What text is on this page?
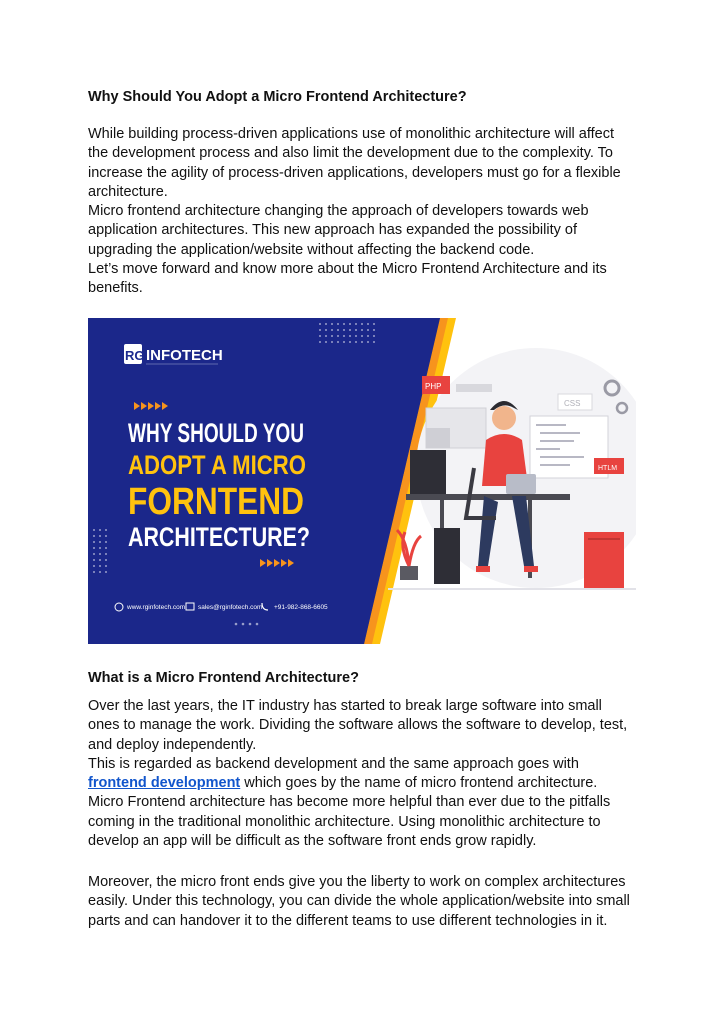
Why Should You Adopt a Micro Frontend Architecture?

While building process-driven applications use of monolithic architecture will affect the development process and also limit the development due to the complexity. To increase the agility of process-driven applications, developers must go for a flexible architecture.

Micro frontend architecture changing the approach of developers towards web application architectures. This new approach has expanded the possibility of upgrading the application/website without affecting the backend code.

Let’s move forward and know more about the Micro Frontend Architecture and its benefits.

RG INFOTECH
WHY SHOULD YOU
ADOPT A MICRO
FORNTEND
ARCHITECTURE?
www.rginfotech.com sales@rginfotech.com +91-982-868-6605
PHP
CSS
HTLM
What is a Micro Frontend Architecture?

Over the last years, the IT industry has started to break large software into small ones to manage the work. Dividing the software allows the software to develop, test, and deploy independently.

This is regarded as backend development and the same approach goes with frontend development which goes by the name of micro frontend architecture.

Micro Frontend architecture has become more helpful than ever due to the pitfalls coming in the traditional monolithic architecture. Using monolithic architecture to develop an app will be difficult as the software front ends grow rapidly.

Moreover, the micro front ends give you the liberty to work on complex architectures easily. Under this technology, you can divide the whole application/website into small parts and can handover it to the different teams to use different technologies in it.
